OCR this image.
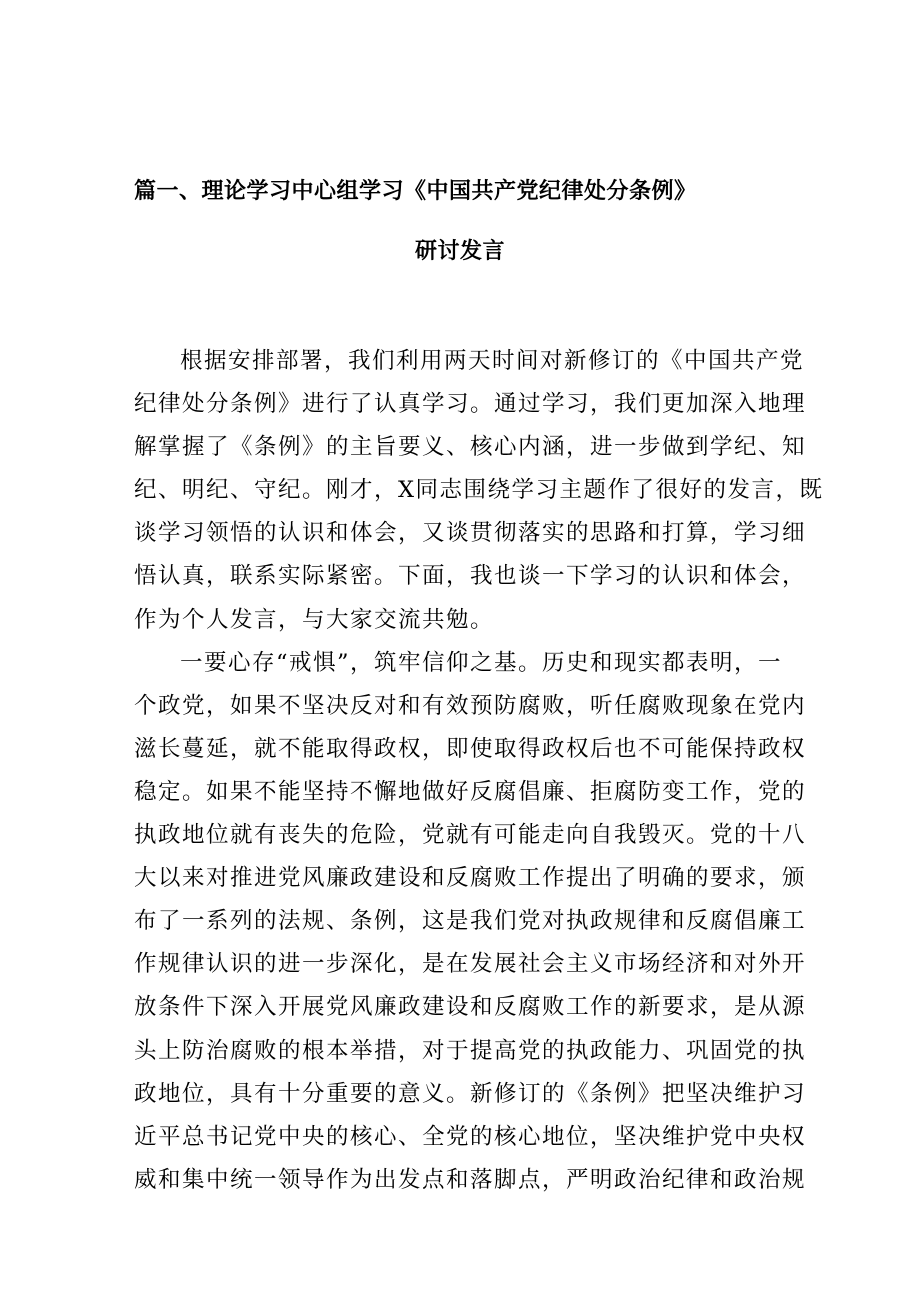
篇一、理论学习中心组学习《中国共产党纪律处分条例》
研讨发言
根据安排部署，我们利用两天时间对新修订的《中国共产党
纪律处分条例》进行了认真学习。通过学习，我们更加深入地理
解掌握了《条例》的主旨要义、核心内涵，进一步做到学纪、知
纪、明纪、守纪。刚才，X同志围绕学习主题作了很好的发言，既
谈学习领悟的认识和体会，又谈贯彻落实的思路和打算，学习细
悟认真，联系实际紧密。下面，我也谈一下学习的认识和体会，
作为个人发言，与大家交流共勉。
一要心存“戒惧”，筑牢信仰之基。历史和现实都表明，一
个政党，如果不坚决反对和有效预防腐败，听任腐败现象在党内
滋长蔓延，就不能取得政权，即使取得政权后也不可能保持政权
稳定。如果不能坚持不懈地做好反腐倡廉、拒腐防变工作，党的
执政地位就有丧失的危险，党就有可能走向自我毁灭。党的十八
大以来对推进党风廉政建设和反腐败工作提出了明确的要求，颁
布了一系列的法规、条例，这是我们党对执政规律和反腐倡廉工
作规律认识的进一步深化，是在发展社会主义市场经济和对外开
放条件下深入开展党风廉政建设和反腐败工作的新要求，是从源
头上防治腐败的根本举措，对于提高党的执政能力、巩固党的执
政地位，具有十分重要的意义。新修订的《条例》把坚决维护习
近平总书记党中央的核心、全党的核心地位，坚决维护党中央权
威和集中统一领导作为出发点和落脚点，严明政治纪律和政治规
